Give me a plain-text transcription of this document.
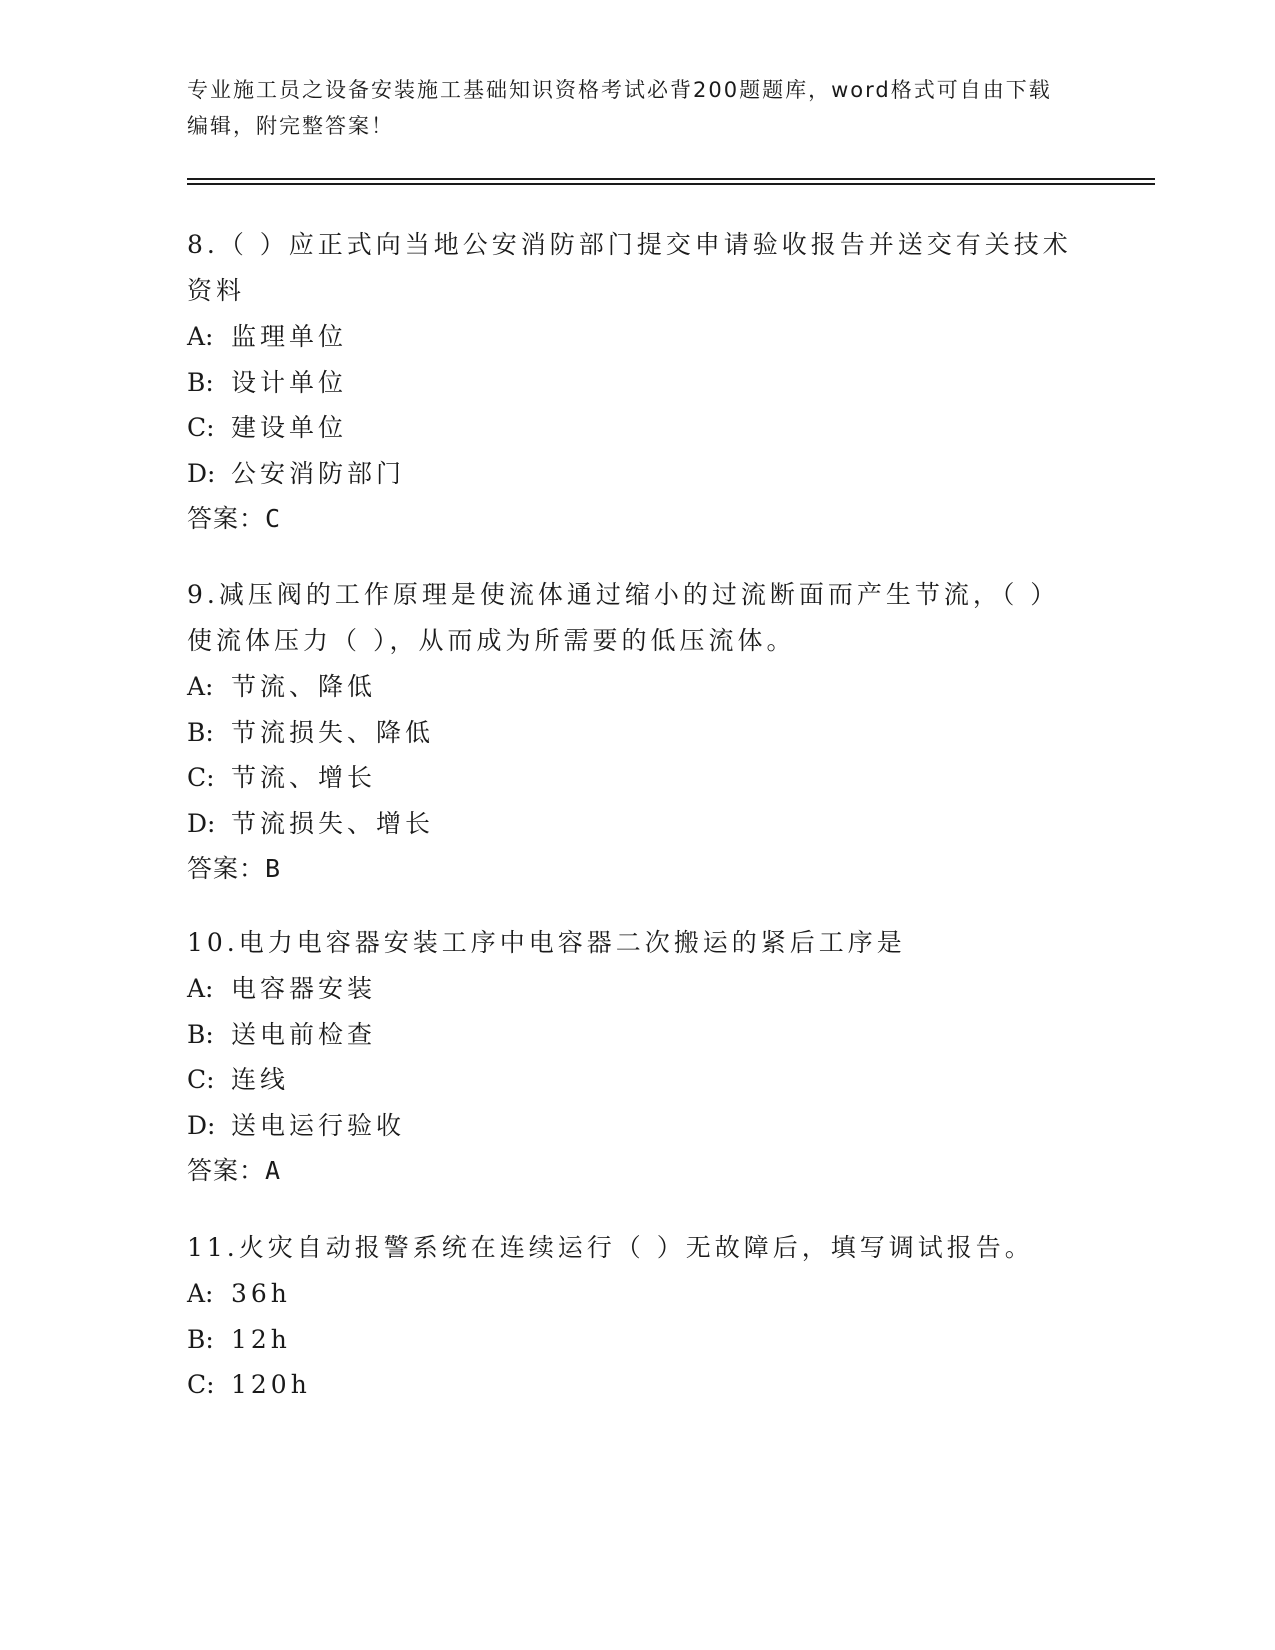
专业施工员之设备安装施工基础知识资格考试必背200题题库，word格式可自由下载编辑，附完整答案！

8.（ ）应正式向当地公安消防部门提交申请验收报告并送交有关技术资料

A: 监理单位

B: 设计单位

C: 建设单位

D: 公安消防部门

答案：C

9.减压阀的工作原理是使流体通过缩小的过流断面而产生节流，（ ）使流体压力（ ），从而成为所需要的低压流体。

A: 节流、降低

B: 节流损失、降低

C: 节流、增长

D: 节流损失、增长

答案：B

10.电力电容器安装工序中电容器二次搬运的紧后工序是

A: 电容器安装

B: 送电前检查

C: 连线

D: 送电运行验收

答案：A

11.火灾自动报警系统在连续运行（ ）无故障后，填写调试报告。

A: 36h

B: 12h

C: 120h
